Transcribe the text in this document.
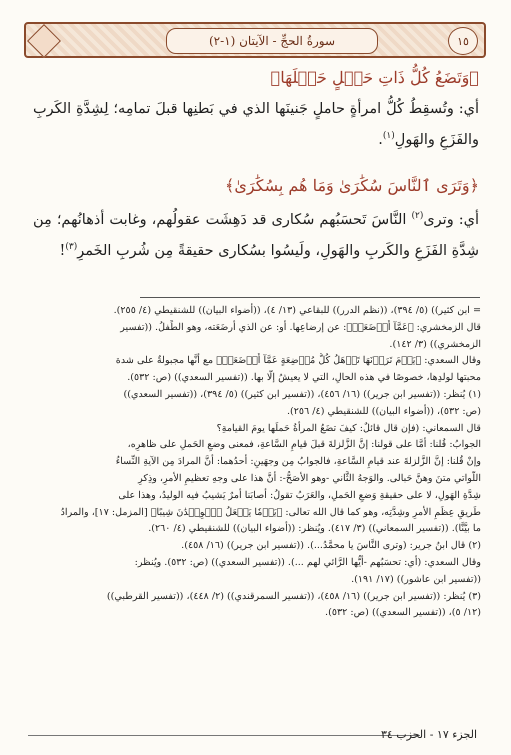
سورةُ الحجِّ - الآيتان (١-٢)	١٥
﴿وَتَضَعُ كُلُّ ذَاتِ حَمۡلٍ حَمۡلَهَا﴾
أي: وتُسقِطُ كُلُّ امرأةٍ حاملٍ جَنينَها الذي في بَطنِها قبلَ تمامِه؛ لِشِدَّةِ الكَربِ والفَزَعِ والهَولِ$^{(١)}$.
﴿وَتَرَى ٱلنَّاسَ سُكَٰرَىٰ وَمَا هُم بِسُكَٰرَىٰ﴾
أي: وترى$^{(٢)}$ النَّاسَ تَحسَبُهم سُكارى قد دَهِشَت عقولُهم، وغابت أذهانُهم؛ مِن شِدَّةِ الفَزَعِ والكَربِ والهَولِ، ولَيسُوا بسُكارى حقيقةً مِن شُربِ الخَمرِ$^{(٣)}$!

= ابن كثير)) (٥/ ٣٩٤)، ((نظم الدرر)) للبقاعي (١٣/ ٤)، ((أضواء البيان)) للشنقيطي (٤/ ٢٥٥).

قال الزمخشري: ﴿عَمَّآ أَرۡضَعَتۡ﴾: عن إرضاعِها. أو: عن الذي أرضَعَته، وهو الطِّفلُ. ((تفسير

الزمخشري)) (٣/ ١٤٢).

وقال السعدي: ﴿يَوۡمَ تَرَوۡنَهَا تَذۡهَلُ كُلُّ مُرۡضِعَةٍ عَمَّآ أَرۡضَعَتۡ﴾ مع أنَّها مجبولةٌ على شدة

محبتها لولدِها، خصوصًا في هذه الحالِ، التي لا يعيشُ إلَّا بها. ((تفسير السعدي)) (ص: ٥٣٢).

(١) يُنظر: ((تفسير ابن جرير)) (١٦/ ٤٥٦)، ((تفسير ابن كثير)) (٥/ ٣٩٤)، ((تفسير السعدي))

(ص: ٥٣٢)، ((أضواء البيان)) للشنقيطي (٤/ ٢٥٦).

قال السمعاني: (فإن قال قائلٌ: كيفَ تضَعُ المرأةُ حَملَها يومَ القيامةِ؟

الجوابُ: قُلنا: أمَّا على قولنا: إنَّ الزَّلزلةَ قبلَ قيامِ السَّاعةِ، فمعنى وضعِ الحَملِ على ظاهرِه،

وإنْ قُلنا: إنَّ الزَّلزلةَ عند قيامِ السَّاعةِ، فالجوابُ مِن وجهَينِ: أحدُهما: أنَّ المرادَ مِن الآيةِ النِّساءُ

اللَّواتي متنَ وهنَّ حَبالى. والوَجهُ الثَّاني -وهو الأصَحُّ-: أنَّ هذا على وجهِ تعظيمِ الأمرِ، وذِكرِ

شِدَّةِ الهَولِ، لا على حقيقةِ وَضعِ الحَملِ، والعَرَبُ تقولُ: أصابَنا أمرٌ يَشيبُ فيه الوليدُ، وهذا على

طَريقِ عِظَمِ الأمرِ وشِدَّتِه، وهو كما قال الله تعالى: ﴿يَوۡمٗا يَجۡعَلُ ٱلۡوِلۡدَٰنَ شِيبًا﴾ [المزمل: ١٧]، والمرادُ

ما بيَّنَّا). ((تفسير السمعاني)) (٣/ ٤١٧). ويُنظر: ((أضواء البيان)) للشنقيطي (٤/ ٢٦٠).

(٢) قال ابنُ جرير: (وترى النَّاسَ يا محمَّدُ...). ((تفسير ابن جرير)) (١٦/ ٤٥٨).

وقال السعدي: (أي: تحسَبُهم -أيُّها الرَّائي لهم ...). ((تفسير السعدي)) (ص: ٥٣٢). ويُنظر:

((تفسير ابن عاشور)) (١٧/ ١٩١).

(٣) يُنظر: ((تفسير ابن جرير)) (١٦/ ٤٥٨)، ((تفسير السمرقندي)) (٢/ ٤٤٨)، ((تفسير القرطبي))

(١٢/ ٥)، ((تفسير السعدي)) (ص: ٥٣٢).

الجزء ١٧ - الحزب ٣٤
